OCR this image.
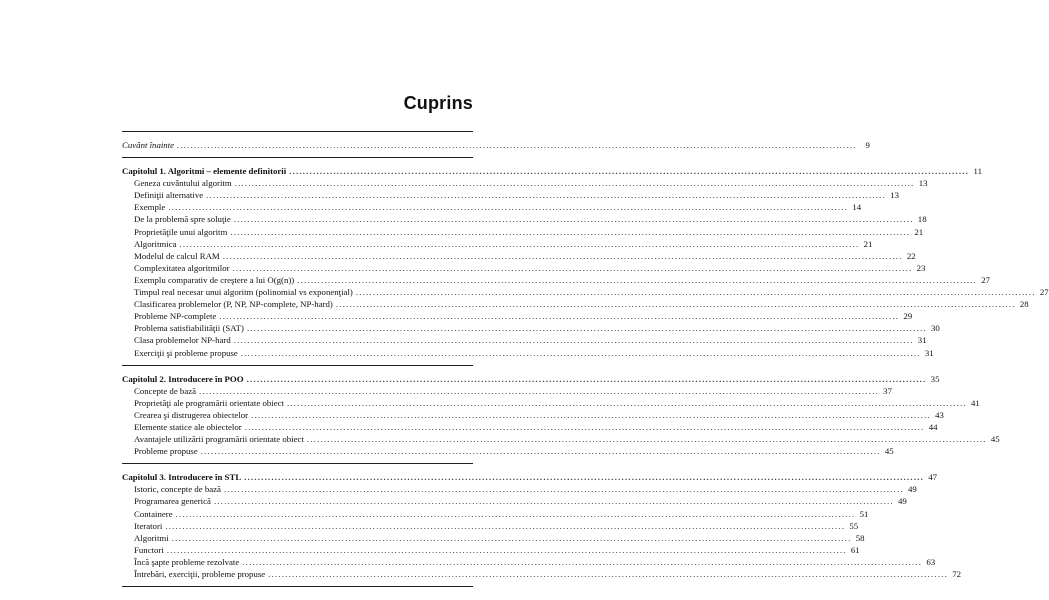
Cuprins
Cuvânt înainte ........................................................................................................................................................................................................ 9
Capitolul 1. Algoritmi – elemente definitorii ........................................................................................................................................................................................................ 11
Geneza cuvântului algoritm ........................................................................................................................................................................................................ 13
Definiţii alternative ........................................................................................................................................................................................................ 13
Exemple ........................................................................................................................................................................................................ 14
De la problemă spre soluţie ........................................................................................................................................................................................................ 18
Proprietăţile unui algoritm ........................................................................................................................................................................................................ 21
Algoritmica ........................................................................................................................................................................................................ 21
Modelul de calcul RAM ........................................................................................................................................................................................................ 22
Complexitatea algoritmilor ........................................................................................................................................................................................................ 23
Exemplu comparativ de creştere a lui O(g(n)) ........................................................................................................................................................................................................ 27
Timpul real necesar unui algoritm (polinomial vs exponenţial) ........................................................................................................................................................................................................ 27
Clasificarea problemelor (P, NP, NP-complete, NP-hard) ........................................................................................................................................................................................................ 28
Probleme NP-complete ........................................................................................................................................................................................................ 29
Problema satisfiabilităţii (SAT) ........................................................................................................................................................................................................ 30
Clasa problemelor NP-hard ........................................................................................................................................................................................................ 31
Exerciţii şi probleme propuse ........................................................................................................................................................................................................ 31
Capitolul 2. Introducere în POO ........................................................................................................................................................................................................ 35
Concepte de bază ........................................................................................................................................................................................................ 37
Proprietăţi ale programării orientate obiect ........................................................................................................................................................................................................ 41
Crearea şi distrugerea obiectelor ........................................................................................................................................................................................................ 43
Elemente statice ale obiectelor ........................................................................................................................................................................................................ 44
Avantajele utilizării programării orientate obiect ........................................................................................................................................................................................................ 45
Probleme propuse ........................................................................................................................................................................................................ 45
Capitolul 3. Introducere în STL ........................................................................................................................................................................................................ 47
Istoric, concepte de bază ........................................................................................................................................................................................................ 49
Programarea generică ........................................................................................................................................................................................................ 49
Containere ........................................................................................................................................................................................................ 51
Iteratori ........................................................................................................................................................................................................ 55
Algoritmi ........................................................................................................................................................................................................ 58
Functori ........................................................................................................................................................................................................ 61
Încă şapte probleme rezolvate ........................................................................................................................................................................................................ 63
Întrebări, exerciţii, probleme propuse ........................................................................................................................................................................................................ 72
